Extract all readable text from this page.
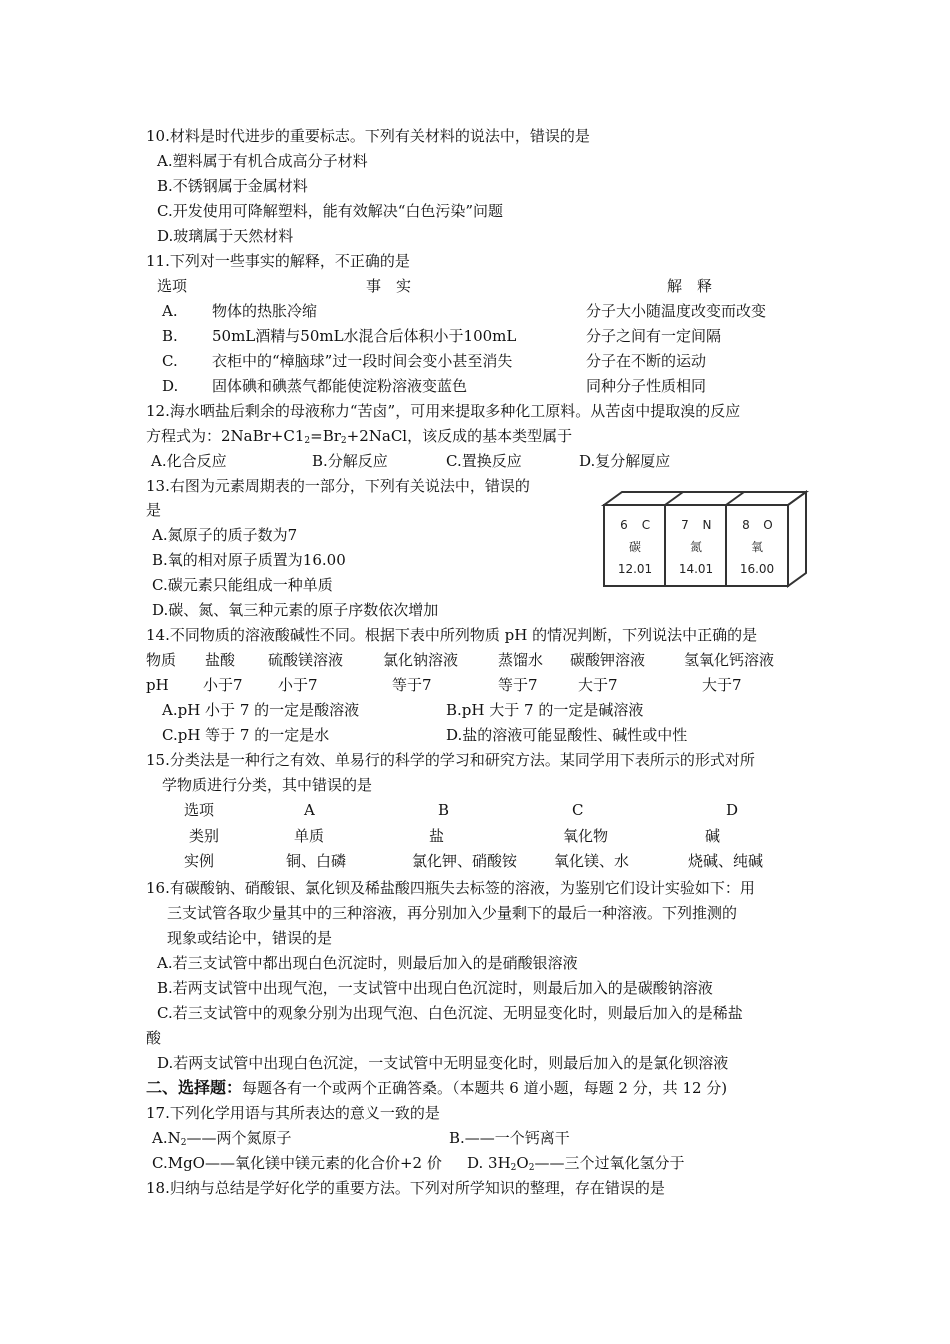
10.材料是时代进步的重要标志。下列有关材料的说法中，错误的是
A.塑料属于有机合成高分子材料
B.不锈钢属于金属材料
C.开发使用可降解塑料，能有效解决“白色污染”问题
D.玻璃属于天然材料
11.下列对一些事实的解释，不正确的是
选项	事　实	解　释
A. 物体的热胀冷缩	分子大小随温度改变而改变
B. 50mL酒精与50mL水混合后体积小于100mL	分子之间有一定间隔
C. 衣柜中的“樟脑球”过一段时间会变小甚至消失	分子在不断的运动
D. 固体碘和碘蒸气都能使淀粉溶液变蓝色	同种分子性质相同
12.海水晒盐后剩余的母液称力“苦卤”，可用来提取多种化工原料。从苦卤中提取溴的反应
方程式为：$2NaBr+C1_2=Br_2+2NaCl$，该反成的基本类型属于
A.化合反应	B.分解反应	C.置换反应	D.复分解厦应
13.右图为元素周期表的一部分，下列有关说法中，错误的
是
A.氮原子的质子数为7
B.氧的相对原子质置为16.00
C.碳元素只能组成一种单质
D.碳、氮、氧三种元素的原子序数依次增加
6 C
碳
12.01
7 N
氮
14.01
8 O
氧
16.00
14.不同物质的溶液酸碱性不同。根据下表中所列物质 pH 的情况判断，下列说法中正确的是
物质 盐酸 硫酸镁溶液	氯化钠溶液	蒸馏水 碳酸钾溶液	氢氧化钙溶液
pH 小于7 小于7	等于7	等于7	大于7	大于7
A.pH 小于 7 的一定是酸溶液	B.pH 大于 7 的一定是碱溶液
C.pH 等于 7 的一定是水	D.盐的溶液可能显酸性、碱性或中性
15.分类法是一种行之有效、单易行的科学的学习和研究方法。某同学用下表所示的形式对所
学物质进行分类，其中错误的是
选项	A	B	C	D
类别	单质	盐	氧化物	碱
实例	铜、白磷	氯化钾、硝酸铵 氧化镁、水	烧碱、纯碱
16.有碳酸钠、硝酸银、氯化钡及稀盐酸四瓶失去标签的溶液，为鉴别它们设计实验如下：用
三支试管各取少量其中的三种溶液，再分别加入少量剩下的最后一种溶液。下列推测的
现象或结论中，错误的是
A.若三支试管中都出现白色沉淀时，则最后加入的是硝酸银溶液
B.若两支试管中出现气泡，一支试管中出现白色沉淀时，则最后加入的是碳酸钠溶液
C.若三支试管中的观象分别为出现气泡、白色沉淀、无明显变化时，则最后加入的是稀盐
酸
D.若两支试管中出现白色沉淀，一支试管中无明显变化时，则最后加入的是氯化钡溶液
二、选择题：每题各有一个或两个正确答桑。（本题共 6 道小题，每题 2 分，共 12 分)
17.下列化学用语与其所表达的意义一致的是
$A.N_2——$两个氮原子	B.——一个钙离干
C.MgO——氧化镁中镁元素的化合价+2 价 D. $3H_2O_2——$三个过氧化氢分于
18.归纳与总结是学好化学的重要方法。下列对所学知识的整理，存在错误的是
